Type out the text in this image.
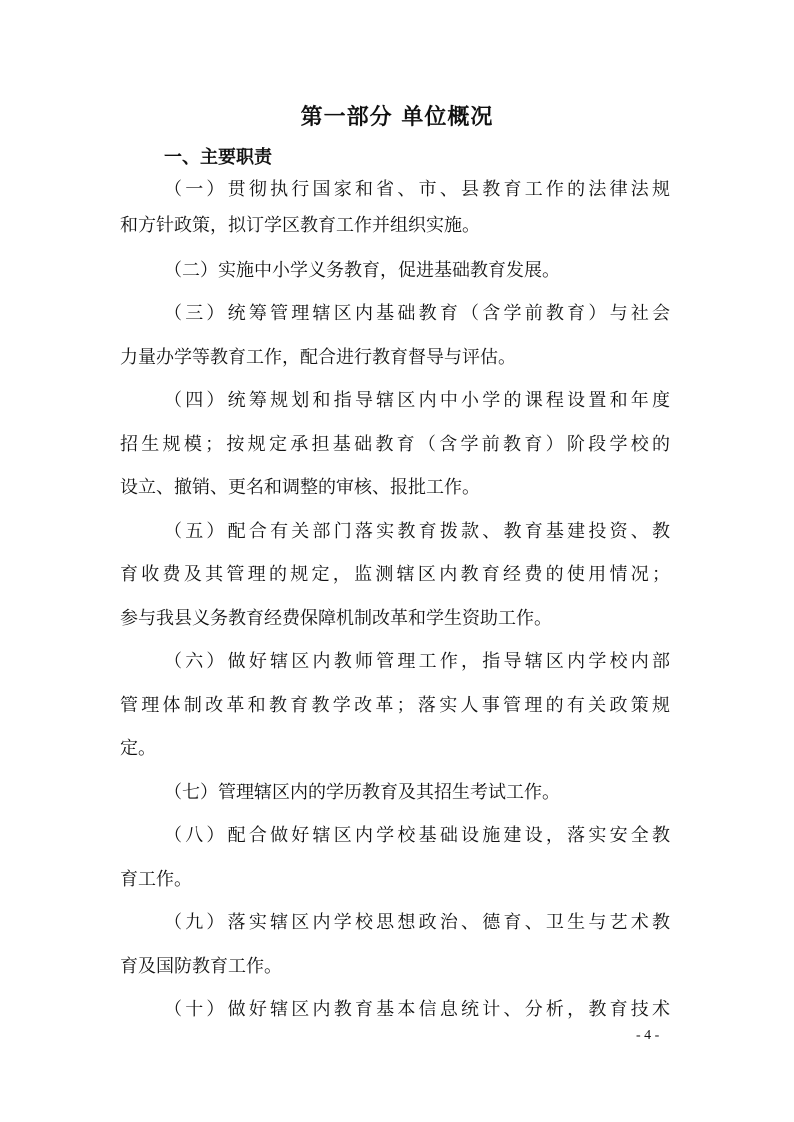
第一部分 单位概况
一、主要职责
（一）贯彻执行国家和省、市、县教育工作的法律法规
和方针政策，拟订学区教育工作并组织实施。
（二）实施中小学义务教育，促进基础教育发展。
（三）统筹管理辖区内基础教育（含学前教育）与社会
力量办学等教育工作，配合进行教育督导与评估。
（四）统筹规划和指导辖区内中小学的课程设置和年度
招生规模；按规定承担基础教育（含学前教育）阶段学校的
设立、撤销、更名和调整的审核、报批工作。
（五）配合有关部门落实教育拨款、教育基建投资、教
育收费及其管理的规定，监测辖区内教育经费的使用情况；
参与我县义务教育经费保障机制改革和学生资助工作。
（六）做好辖区内教师管理工作，指导辖区内学校内部
管理体制改革和教育教学改革；落实人事管理的有关政策规
定。
（七）管理辖区内的学历教育及其招生考试工作。
（八）配合做好辖区内学校基础设施建设，落实安全教
育工作。
（九）落实辖区内学校思想政治、德育、卫生与艺术教
育及国防教育工作。
（十）做好辖区内教育基本信息统计、分析，教育技术
- 4 -
